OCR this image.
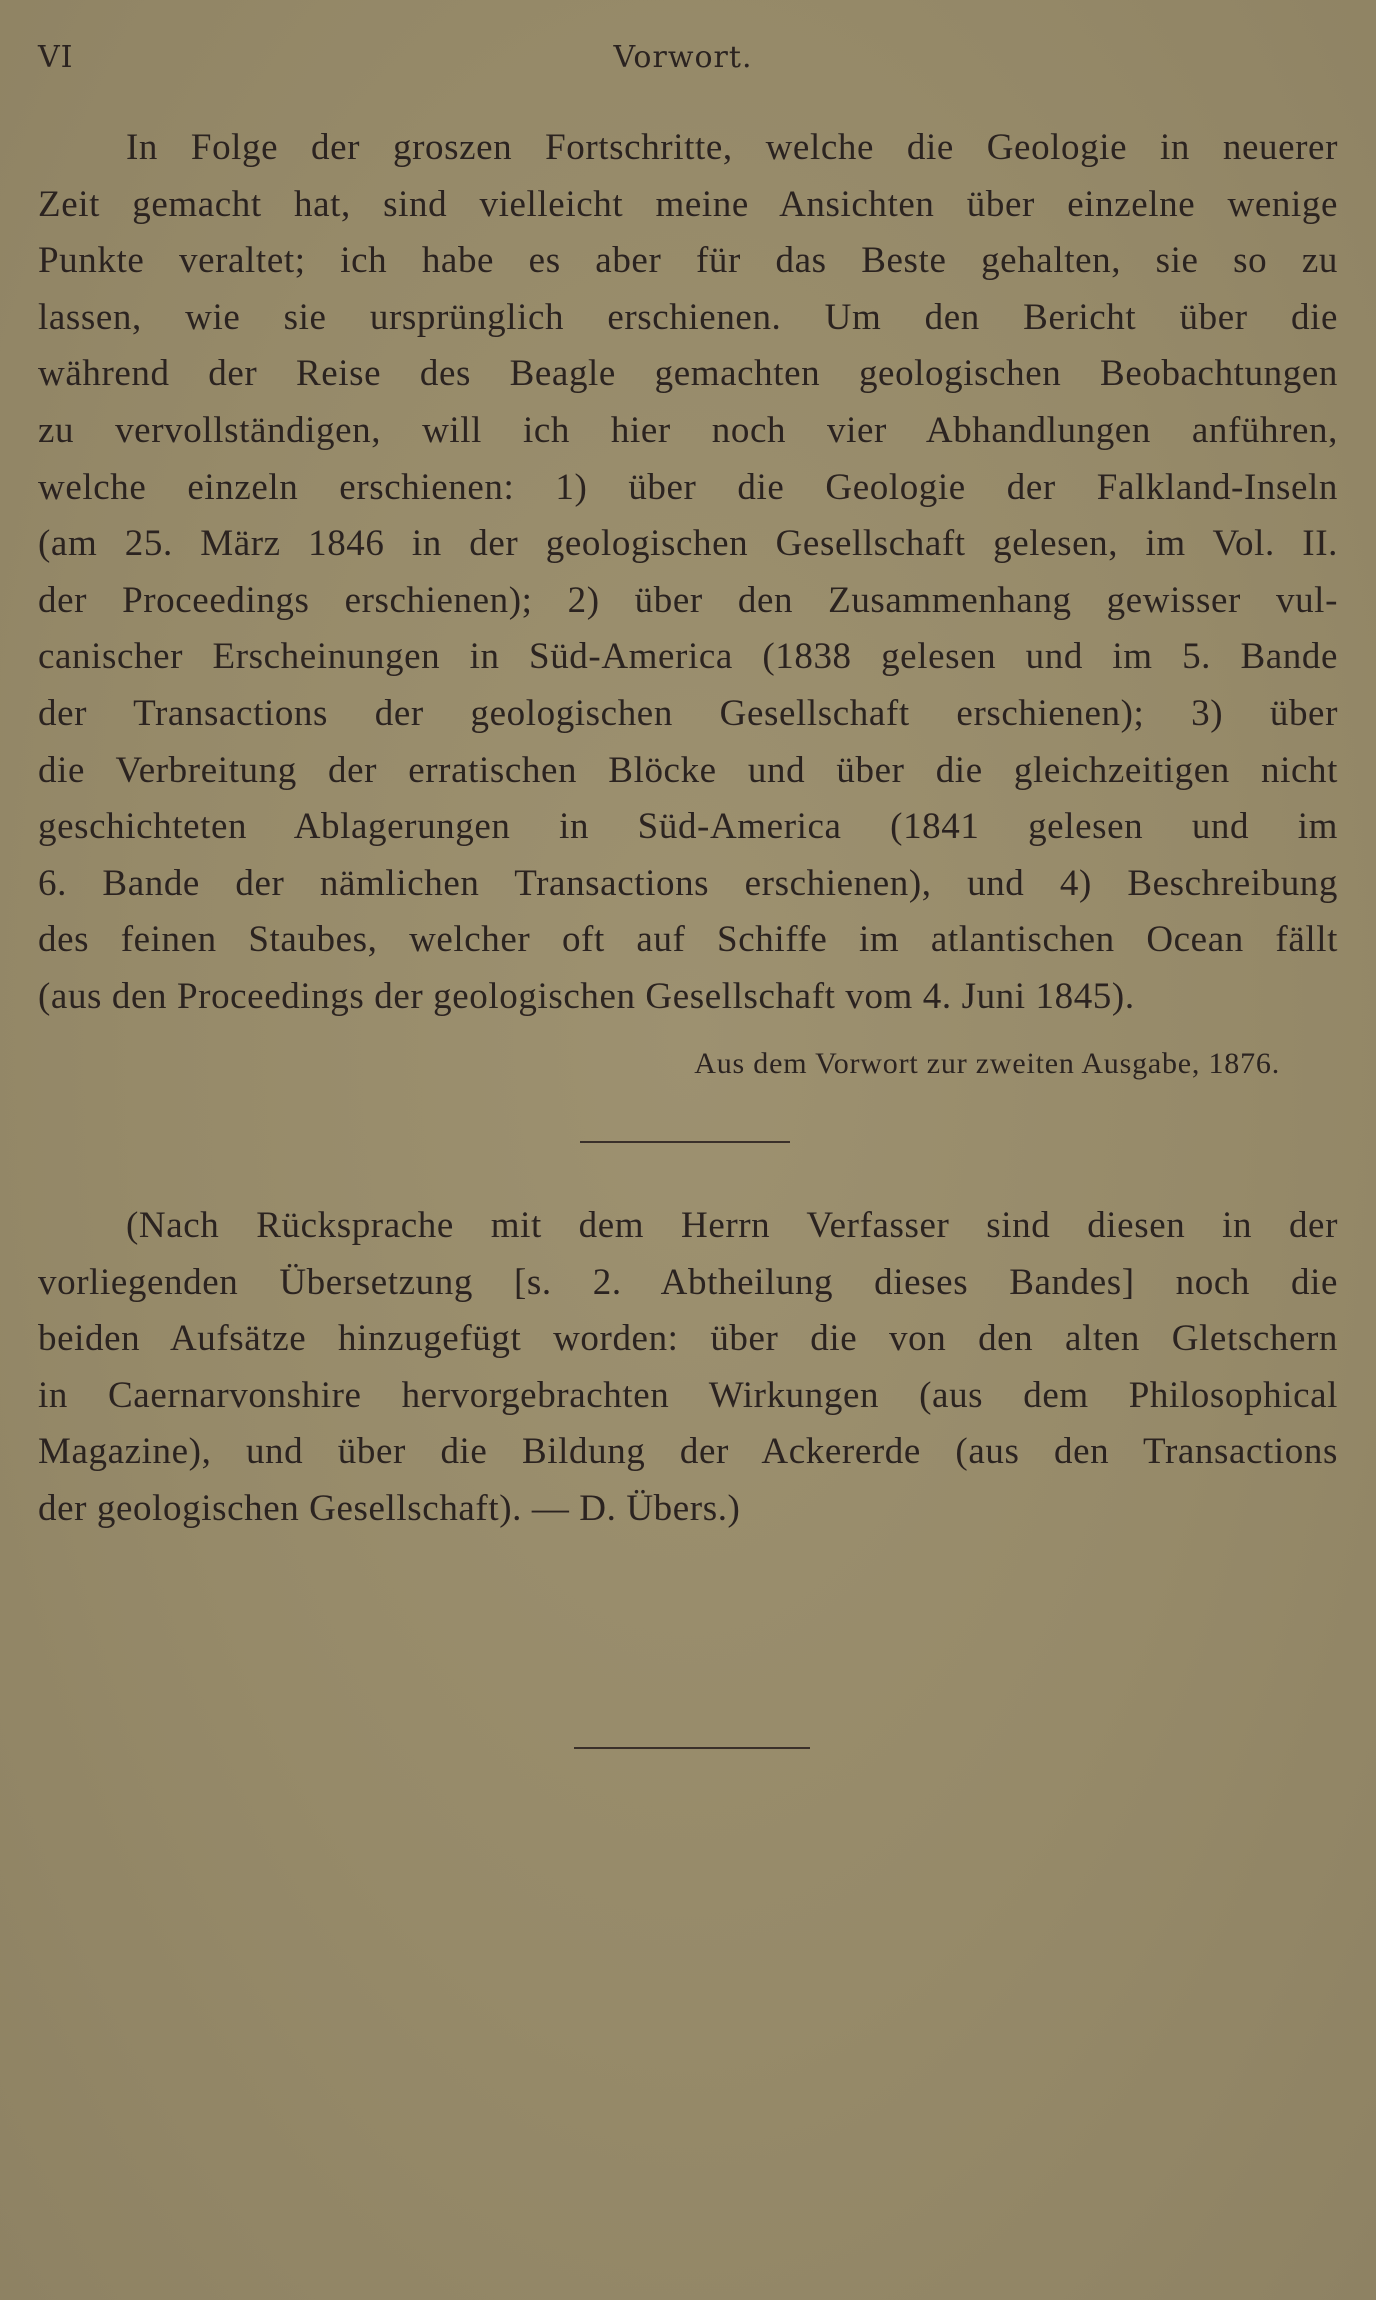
VI	Vorwort.

In Folge der groszen Fortschritte, welche die Geologie in neuerer
Zeit gemacht hat, sind vielleicht meine Ansichten über einzelne wenige
Punkte veraltet; ich habe es aber für das Beste gehalten, sie so zu
lassen, wie sie ursprünglich erschienen. Um den Bericht über die
während der Reise des Beagle gemachten geologischen Beobachtungen
zu vervollständigen, will ich hier noch vier Abhandlungen anführen,
welche einzeln erschienen: 1) über die Geologie der Falkland-Inseln
(am 25. März 1846 in der geologischen Gesellschaft gelesen, im Vol. II.
der Proceedings erschienen); 2) über den Zusammenhang gewisser vul-
canischer Erscheinungen in Süd-America (1838 gelesen und im 5. Bande
der Transactions der geologischen Gesellschaft erschienen); 3) über
die Verbreitung der erratischen Blöcke und über die gleichzeitigen nicht
geschichteten Ablagerungen in Süd-America (1841 gelesen und im
6. Bande der nämlichen Transactions erschienen), und 4) Beschreibung
des feinen Staubes, welcher oft auf Schiffe im atlantischen Ocean fällt
(aus den Proceedings der geologischen Gesellschaft vom 4. Juni 1845).

Aus dem Vorwort zur zweiten Ausgabe, 1876.

(Nach Rücksprache mit dem Herrn Verfasser sind diesen in der
vorliegenden Übersetzung [s. 2. Abtheilung dieses Bandes] noch die
beiden Aufsätze hinzugefügt worden: über die von den alten Gletschern
in Caernarvonshire hervorgebrachten Wirkungen (aus dem Philosophical
Magazine), und über die Bildung der Ackererde (aus den Transactions
der geologischen Gesellschaft). — D. Übers.)
